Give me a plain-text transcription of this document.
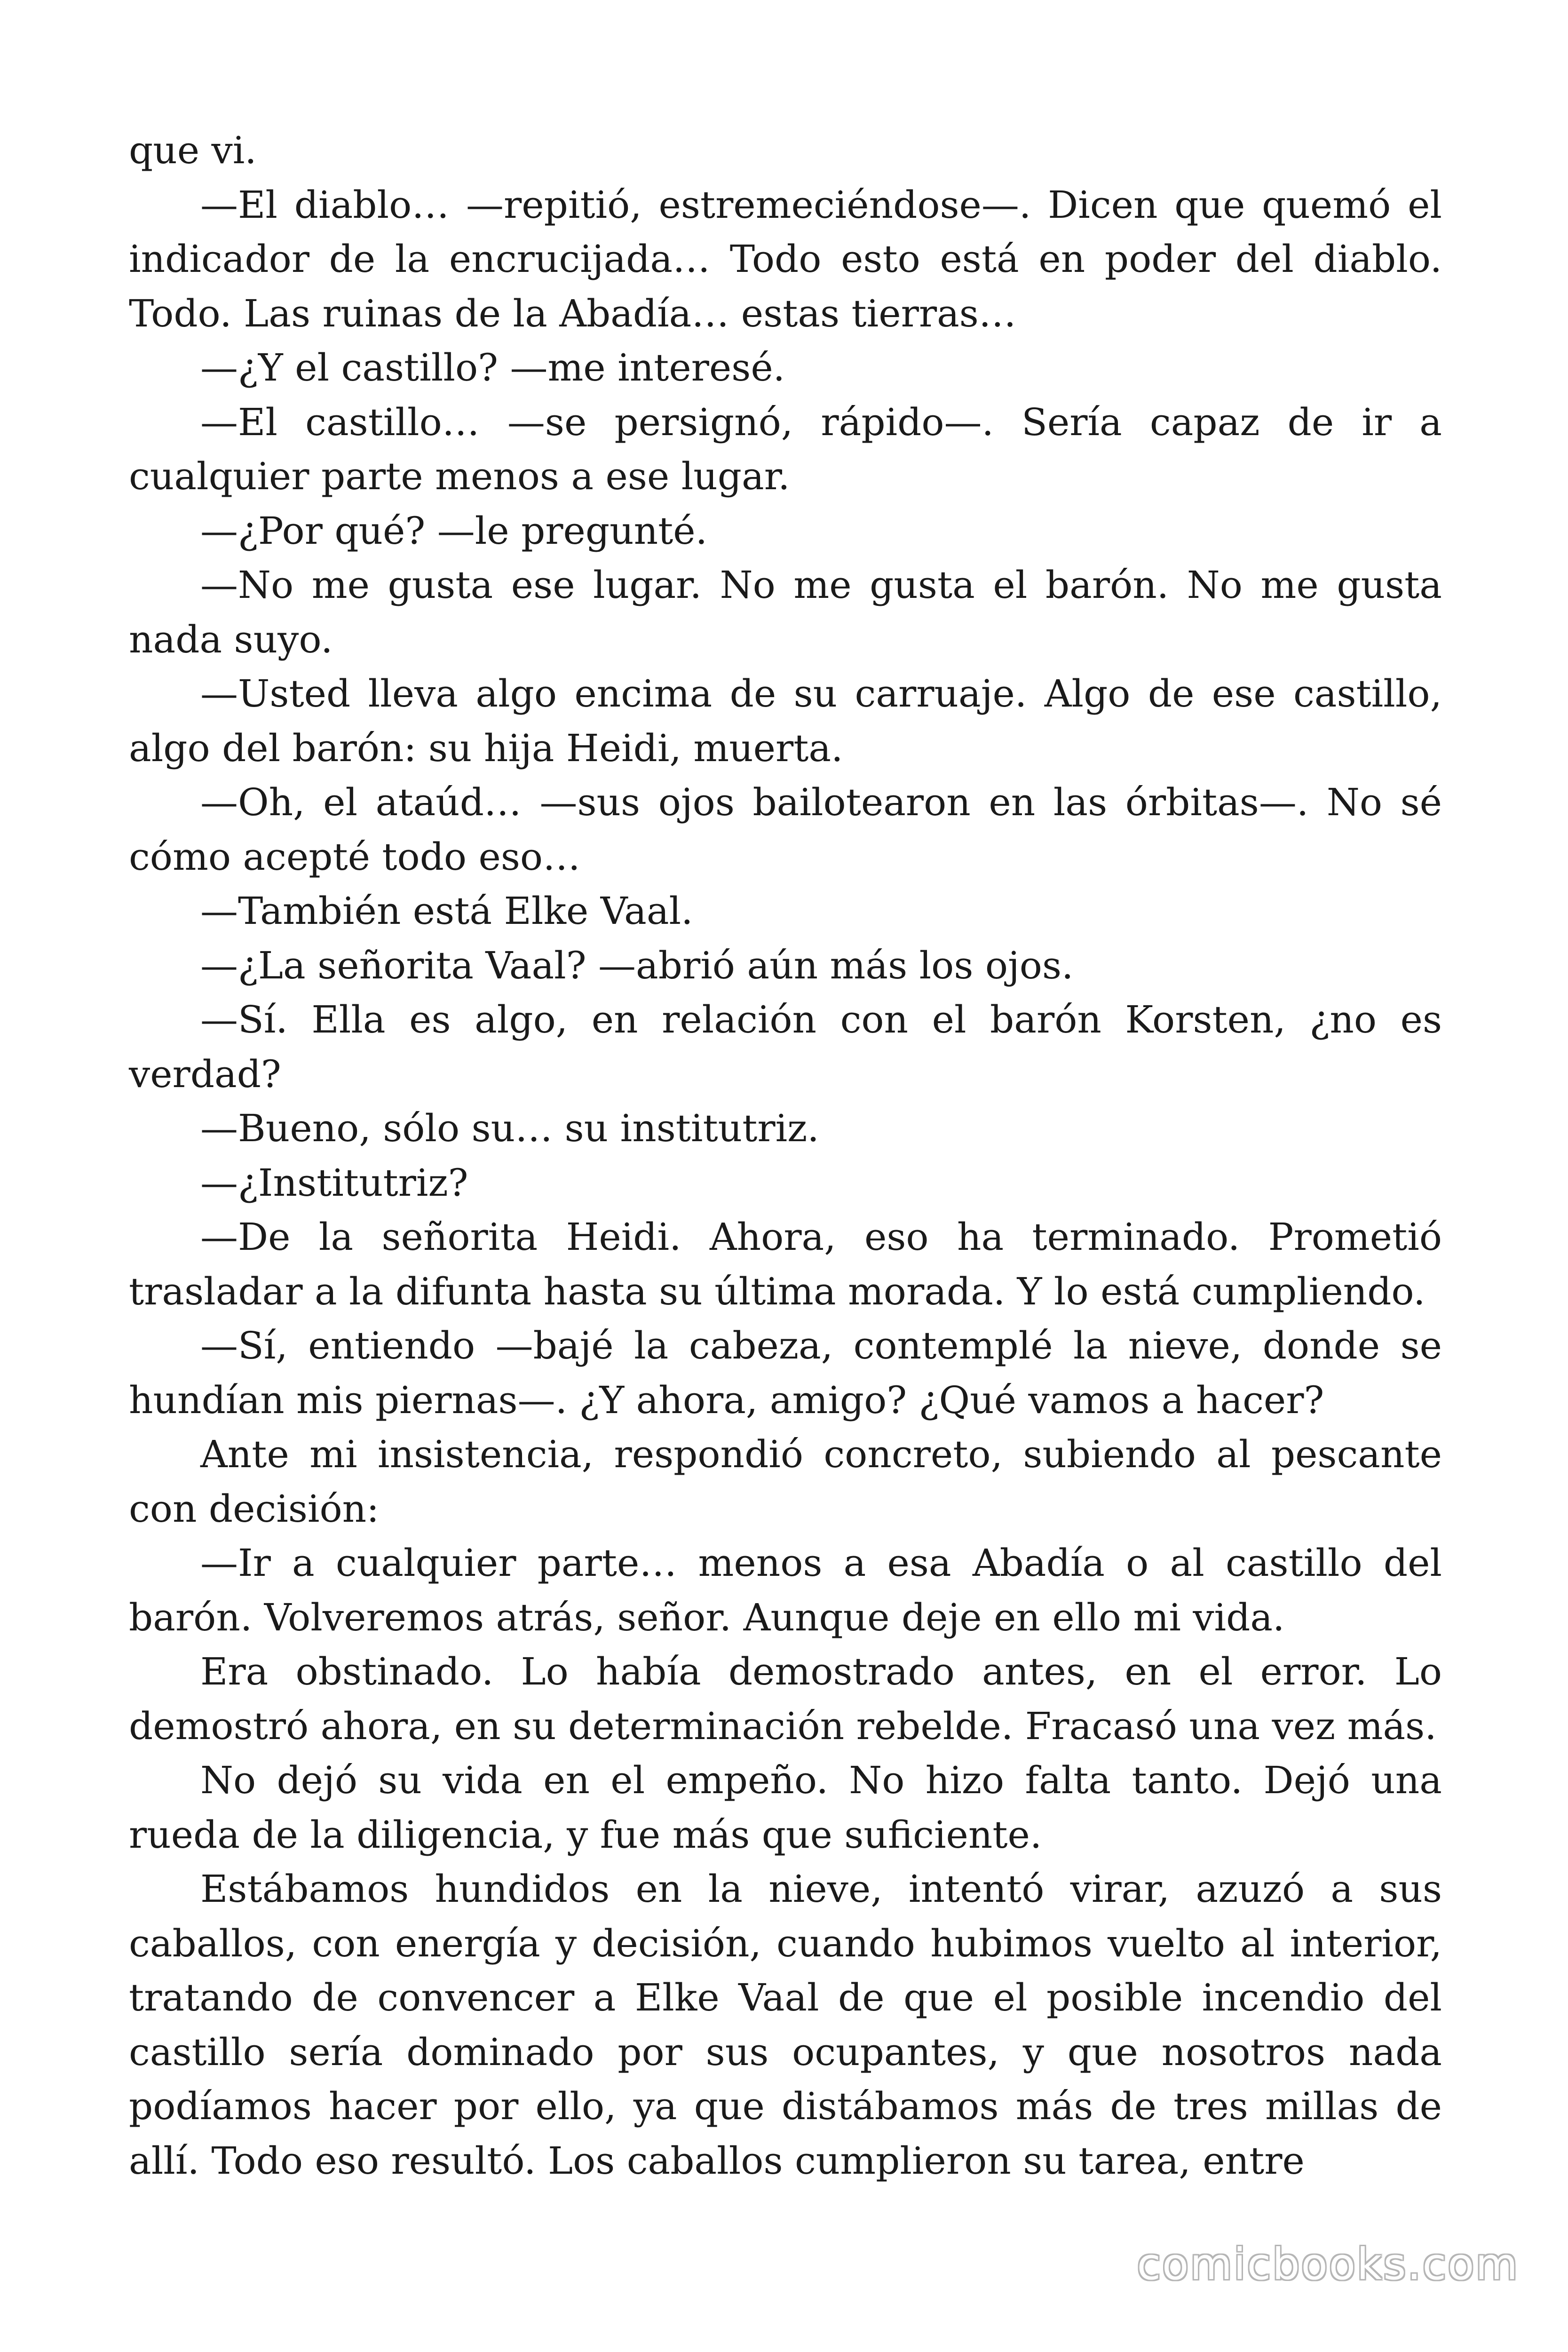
que vi.

—El diablo… —repitió, estremeciéndose—. Dicen que quemó el indicador de la encrucijada… Todo esto está en poder del diablo. Todo. Las ruinas de la Abadía… estas tierras…

—¿Y el castillo? —me interesé.

—El castillo… —se persignó, rápido—. Sería capaz de ir a cualquier parte menos a ese lugar.

—¿Por qué? —le pregunté.

—No me gusta ese lugar. No me gusta el barón. No me gusta nada suyo.

—Usted lleva algo encima de su carruaje. Algo de ese castillo, algo del barón: su hija Heidi, muerta.

—Oh, el ataúd… —sus ojos bailotearon en las órbitas—. No sé cómo acepté todo eso…

—También está Elke Vaal.

—¿La señorita Vaal? —abrió aún más los ojos.

—Sí. Ella es algo, en relación con el barón Korsten, ¿no es verdad?

—Bueno, sólo su… su institutriz.

—¿Institutriz?

—De la señorita Heidi. Ahora, eso ha terminado. Prometió trasladar a la difunta hasta su última morada. Y lo está cumpliendo.

—Sí, entiendo —bajé la cabeza, contemplé la nieve, donde se hundían mis piernas—. ¿Y ahora, amigo? ¿Qué vamos a hacer?

Ante mi insistencia, respondió concreto, subiendo al pescante con decisión:

—Ir a cualquier parte… menos a esa Abadía o al castillo del barón. Volveremos atrás, señor. Aunque deje en ello mi vida.

Era obstinado. Lo había demostrado antes, en el error. Lo demostró ahora, en su determinación rebelde. Fracasó una vez más.

No dejó su vida en el empeño. No hizo falta tanto. Dejó una rueda de la diligencia, y fue más que suficiente.

Estábamos hundidos en la nieve, intentó virar, azuzó a sus caballos, con energía y decisión, cuando hubimos vuelto al interior, tratando de convencer a Elke Vaal de que el posible incendio del castillo sería dominado por sus ocupantes, y que nosotros nada podíamos hacer por ello, ya que distábamos más de tres millas de allí. Todo eso resultó. Los caballos cumplieron su tarea, entre

comicbooks.com
